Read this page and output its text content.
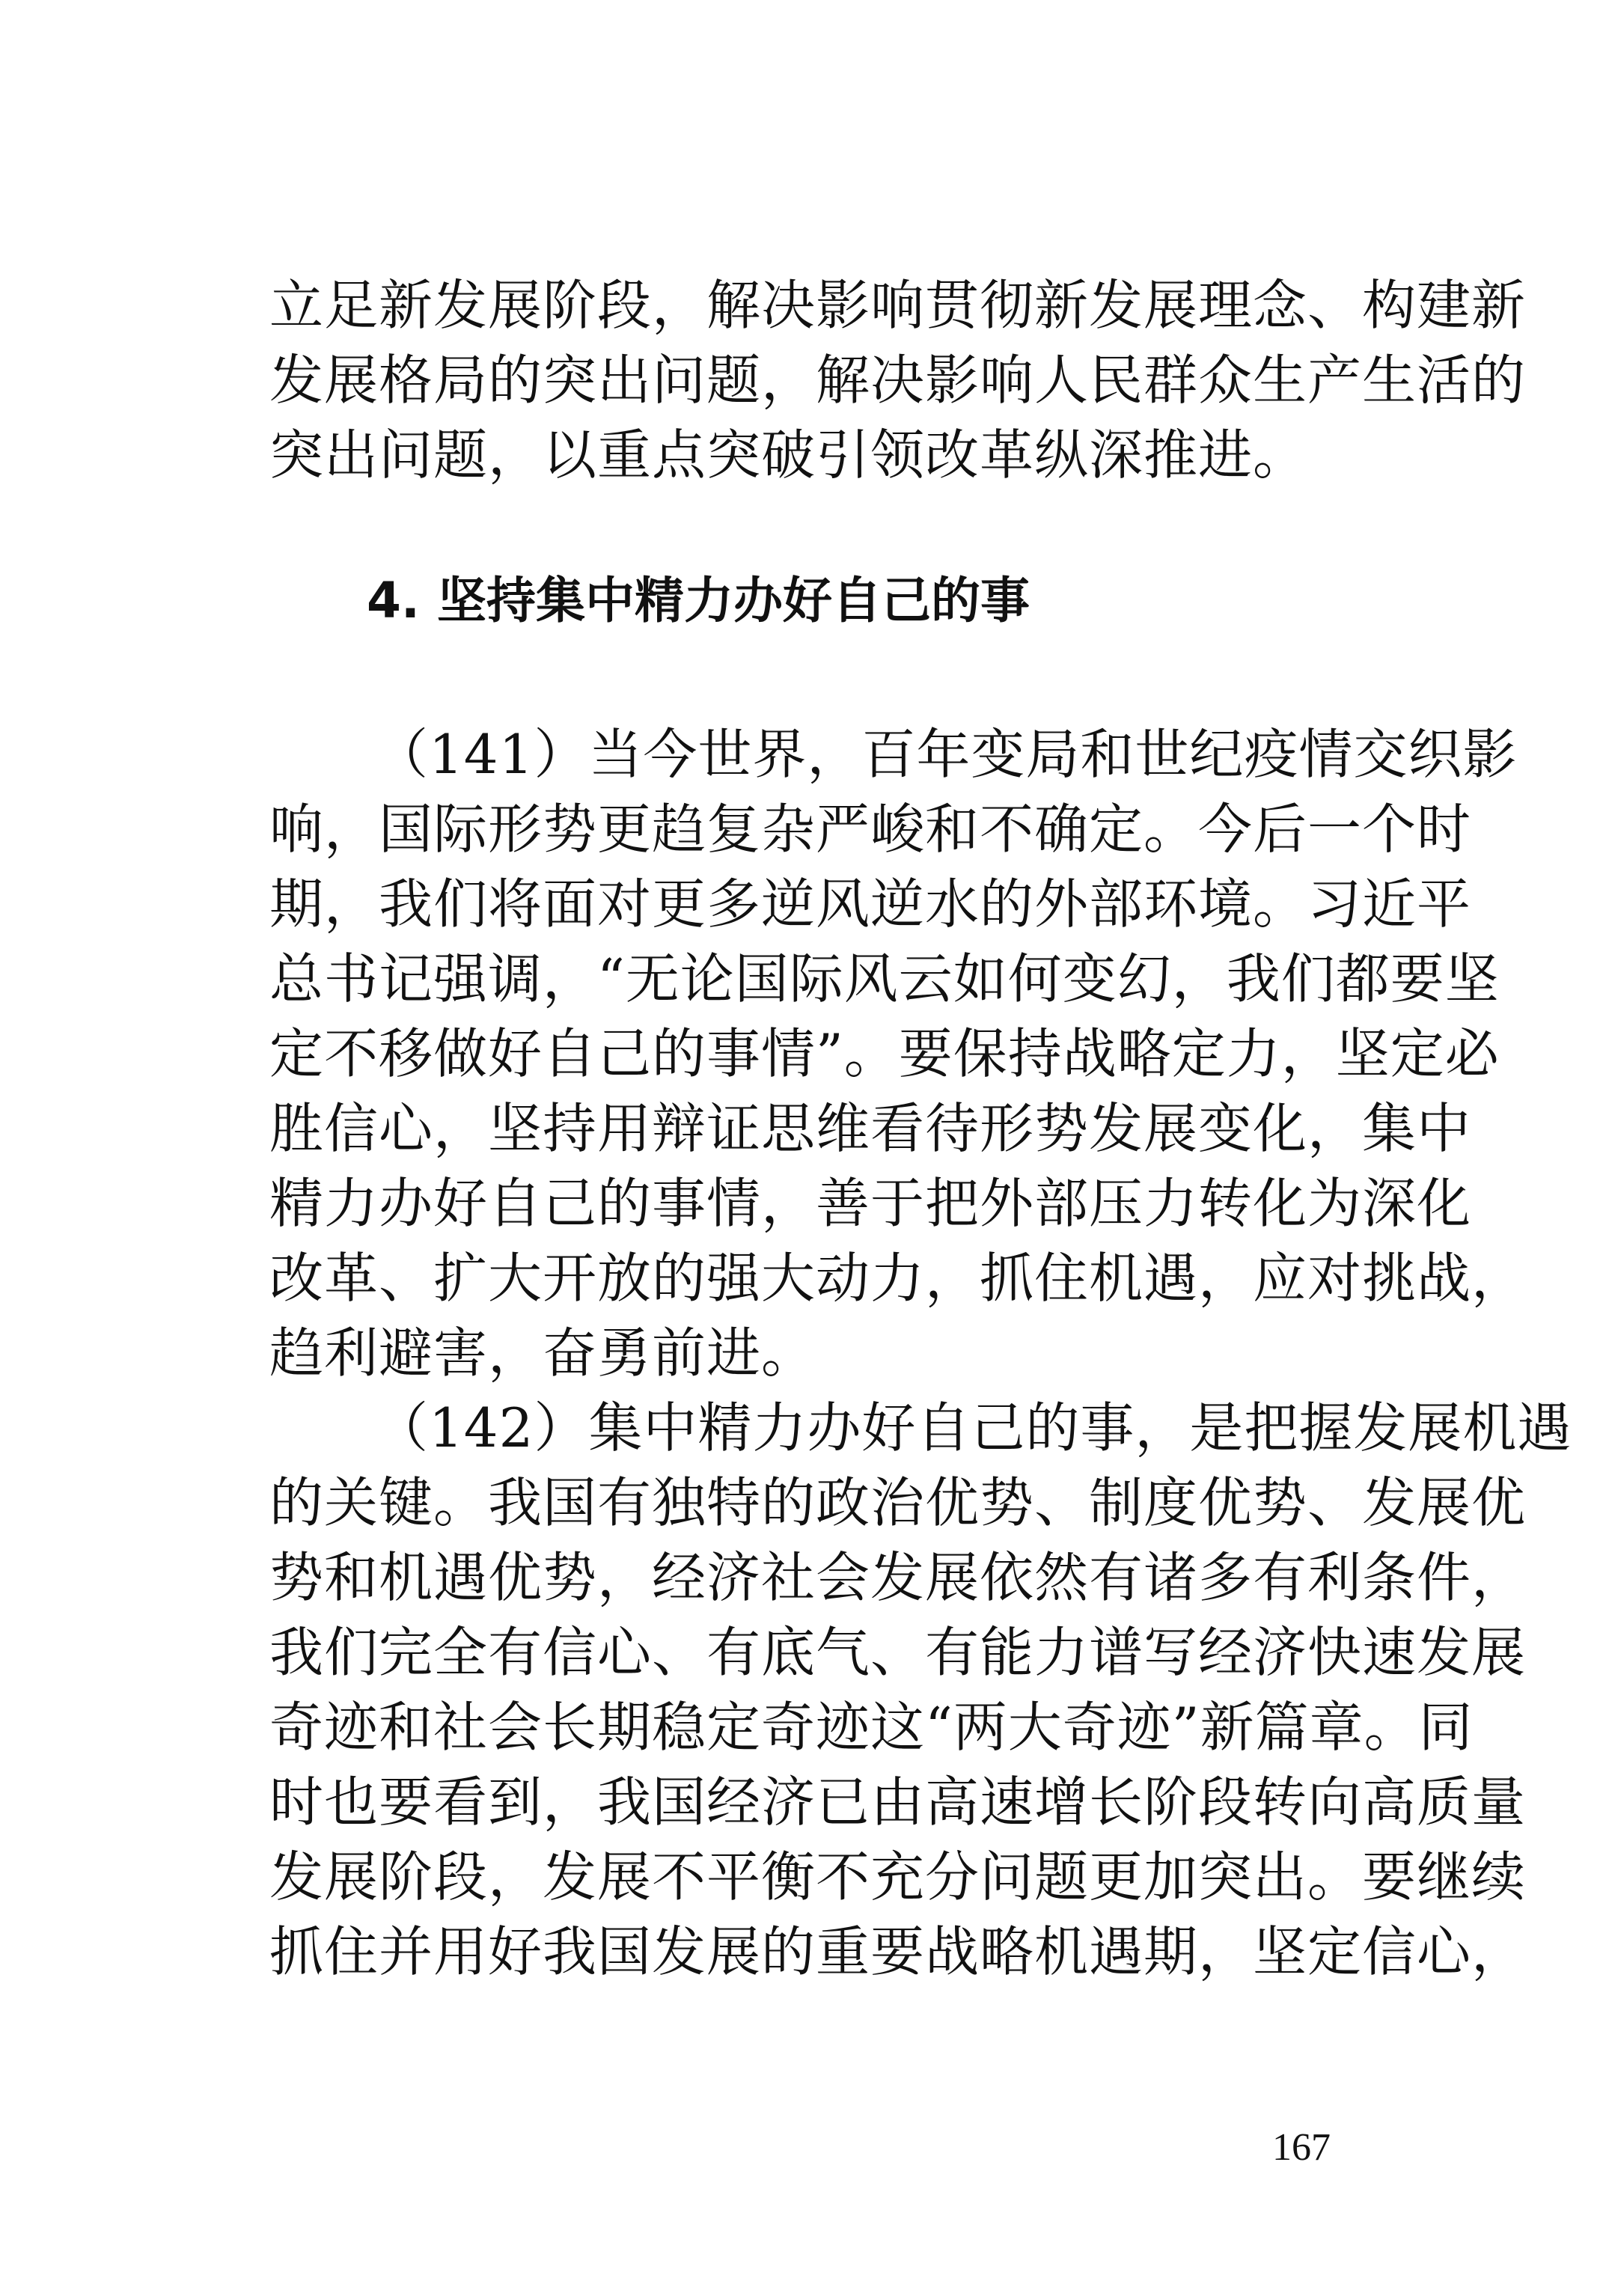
立足新发展阶段，解决影响贯彻新发展理念、构建新
发展格局的突出问题，解决影响人民群众生产生活的
突出问题，以重点突破引领改革纵深推进。
4. 坚持集中精力办好自己的事
（141）当今世界，百年变局和世纪疫情交织影
响，国际形势更趋复杂严峻和不确定。今后一个时
期，我们将面对更多逆风逆水的外部环境。习近平
总书记强调，“无论国际风云如何变幻，我们都要坚
定不移做好自己的事情”。要保持战略定力，坚定必
胜信心，坚持用辩证思维看待形势发展变化，集中
精力办好自己的事情，善于把外部压力转化为深化
改革、扩大开放的强大动力，抓住机遇，应对挑战，
趋利避害，奋勇前进。
（142）集中精力办好自己的事，是把握发展机遇
的关键。我国有独特的政治优势、制度优势、发展优
势和机遇优势，经济社会发展依然有诸多有利条件，
我们完全有信心、有底气、有能力谱写经济快速发展
奇迹和社会长期稳定奇迹这“两大奇迹”新篇章。同
时也要看到，我国经济已由高速增长阶段转向高质量
发展阶段，发展不平衡不充分问题更加突出。要继续
抓住并用好我国发展的重要战略机遇期，坚定信心，
167
